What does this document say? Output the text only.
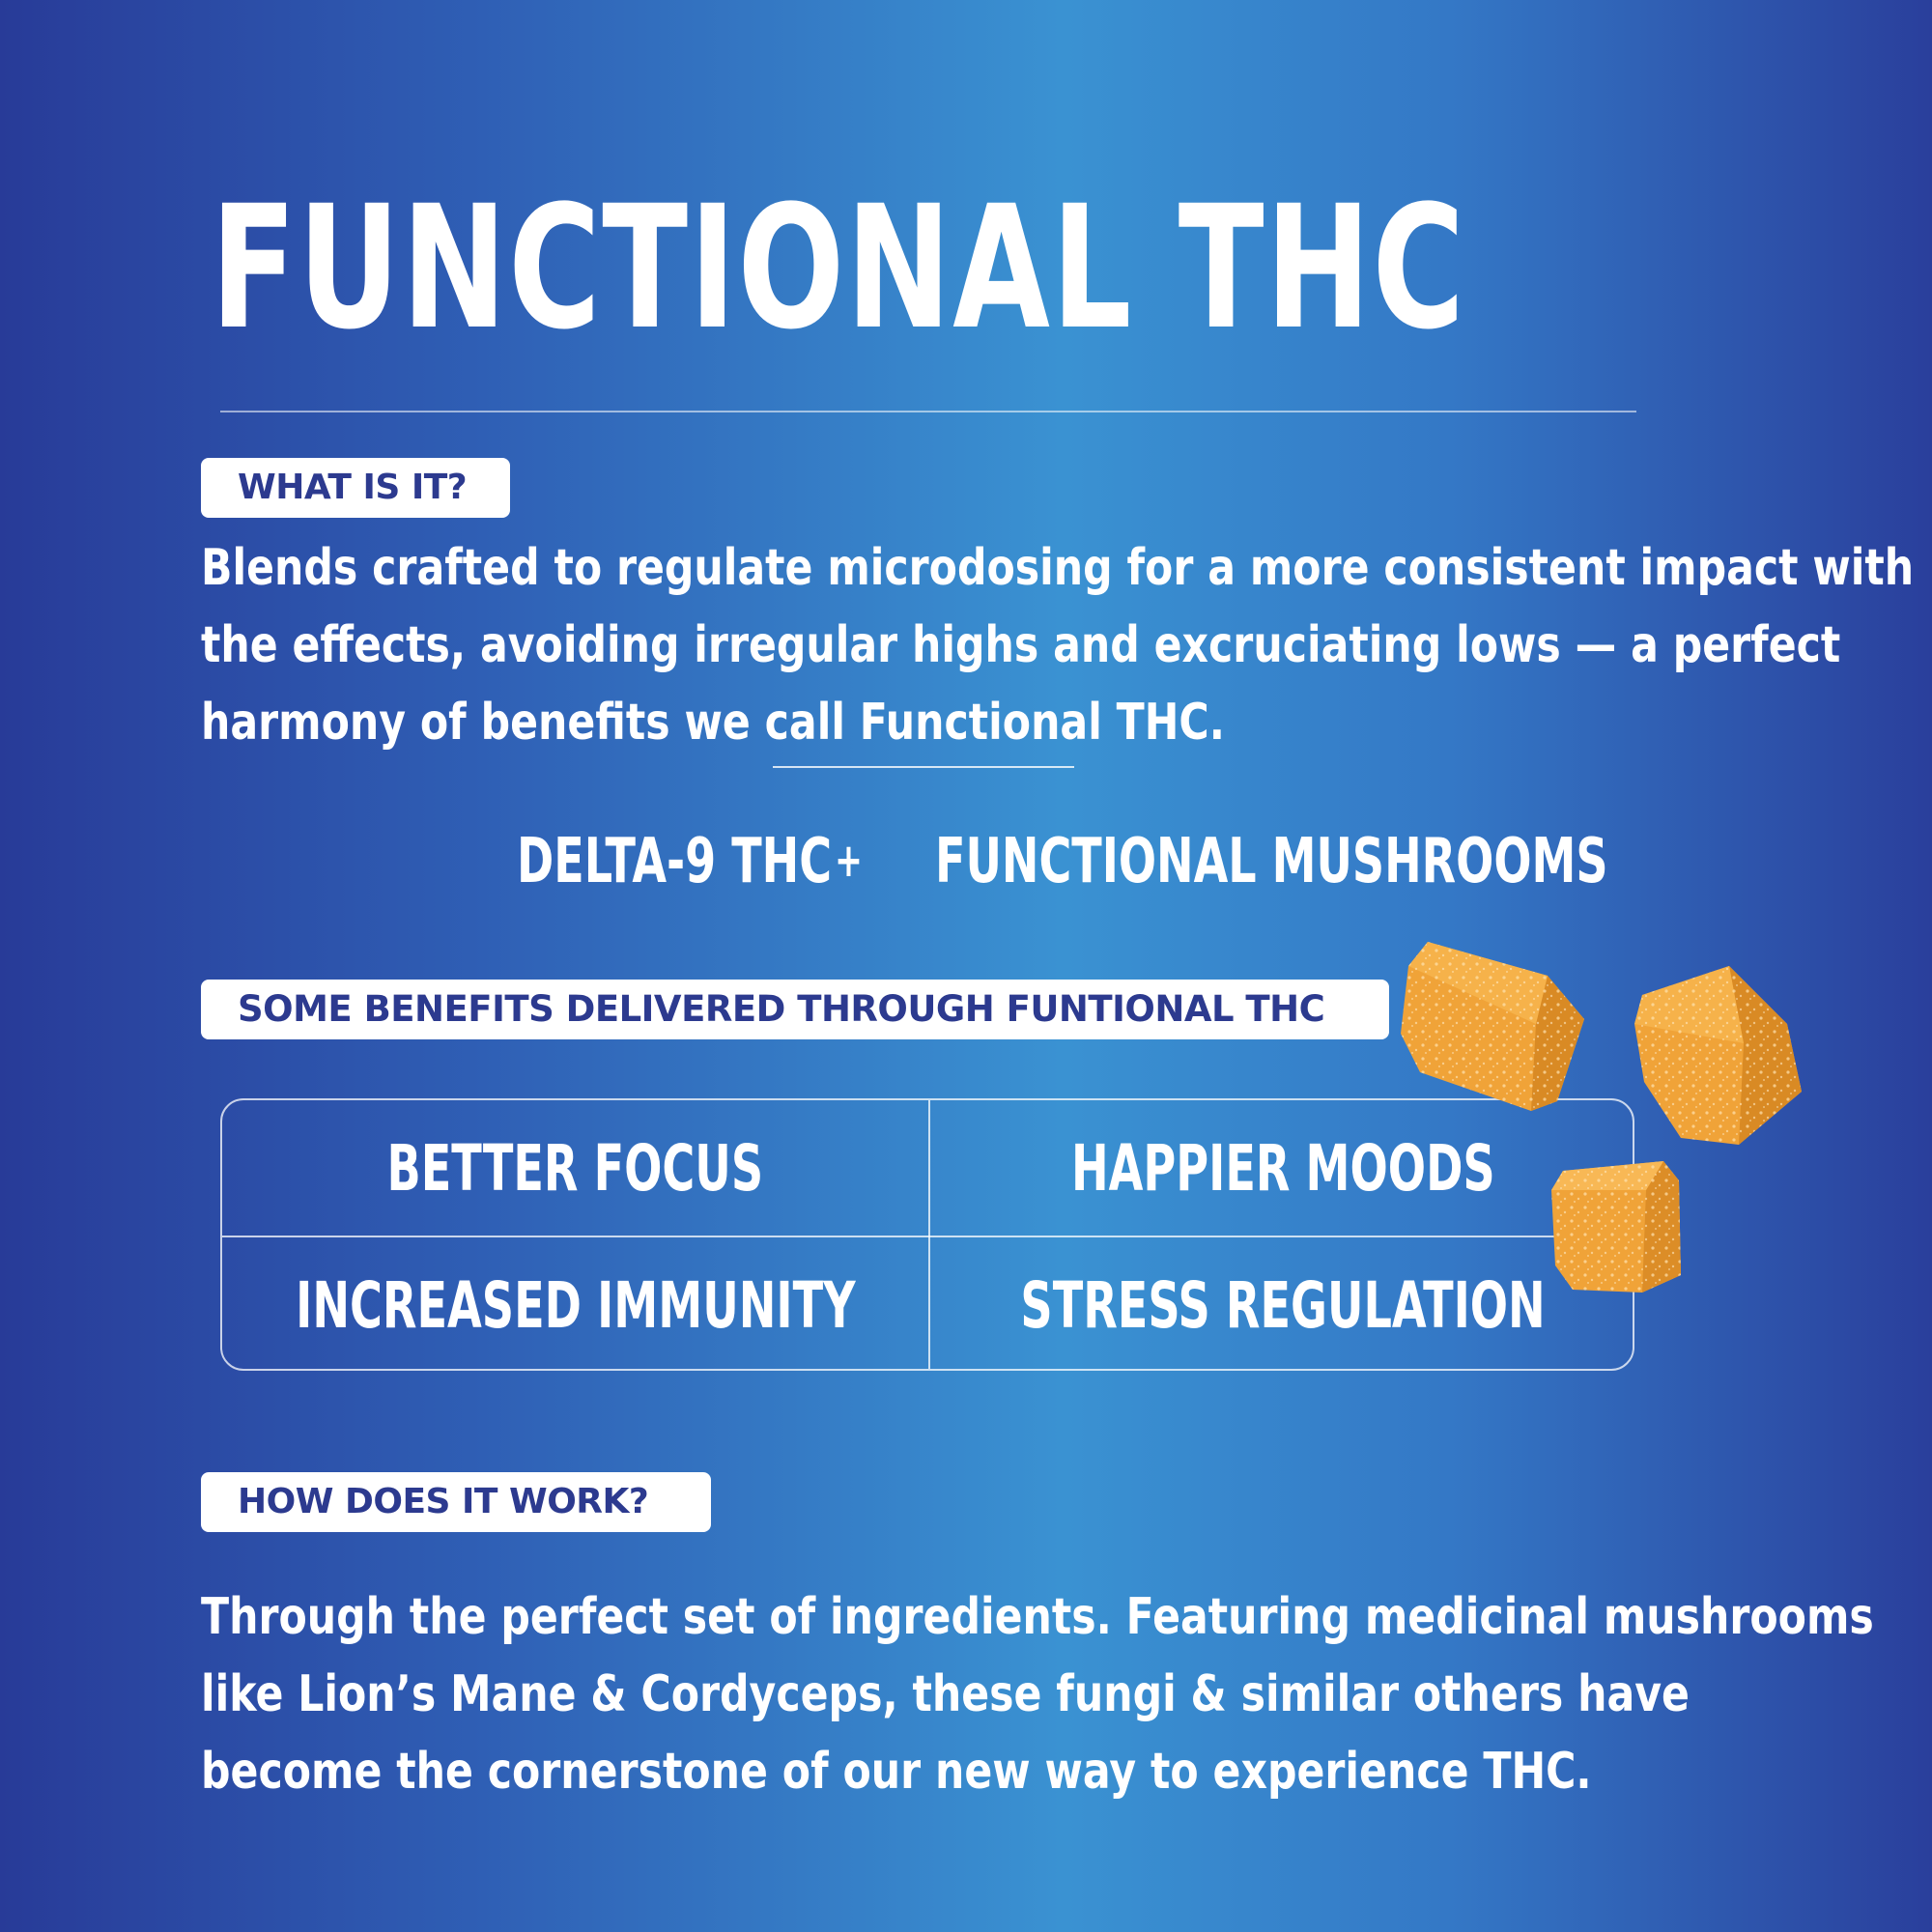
FUNCTIONAL THC
WHAT IS IT?
Blends crafted to regulate microdosing for a more consistent impact with
the effects, avoiding irregular highs and excruciating lows — a perfect
harmony of benefits we call Functional THC.
DELTA-9 THC + FUNCTIONAL MUSHROOMS
SOME BENEFITS DELIVERED THROUGH FUNTIONAL THC
BETTER FOCUS	HAPPIER MOODS
INCREASED IMMUNITY	STRESS REGULATION
HOW DOES IT WORK?
Through the perfect set of ingredients. Featuring medicinal mushrooms
like Lion’s Mane & Cordyceps, these fungi & similar others have
become the cornerstone of our new way to experience THC.
